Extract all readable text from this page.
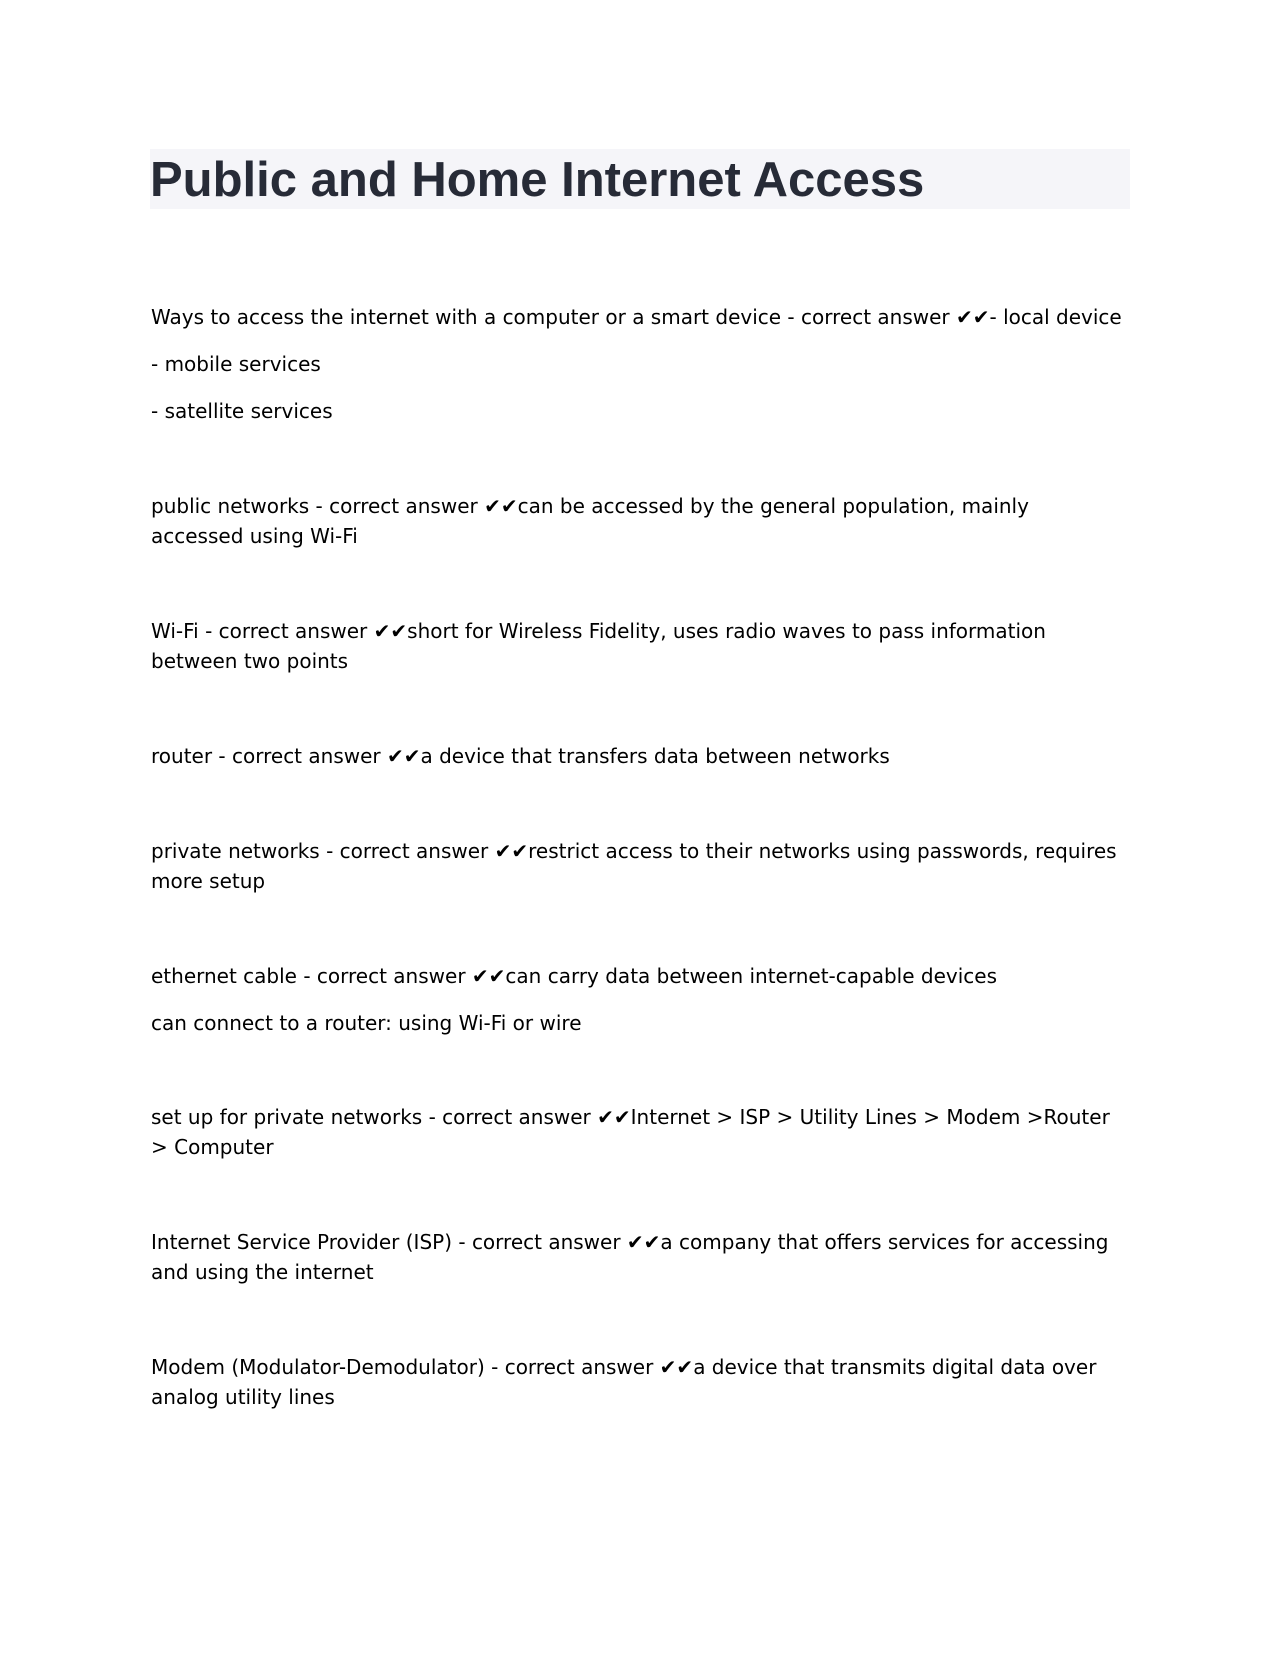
Public and Home Internet Access
Ways to access the internet with a computer or a smart device - correct answer ✔✔- local device
- mobile services
- satellite services
public networks - correct answer ✔✔can be accessed by the general population, mainly accessed using Wi-Fi
Wi-Fi - correct answer ✔✔short for Wireless Fidelity, uses radio waves to pass information between two points
router - correct answer ✔✔a device that transfers data between networks
private networks - correct answer ✔✔restrict access to their networks using passwords, requires more setup
ethernet cable - correct answer ✔✔can carry data between internet-capable devices
can connect to a router: using Wi-Fi or wire
set up for private networks - correct answer ✔✔Internet > ISP > Utility Lines > Modem >Router > Computer
Internet Service Provider (ISP) - correct answer ✔✔a company that offers services for accessing and using the internet
Modem (Modulator-Demodulator) - correct answer ✔✔a device that transmits digital data over analog utility lines
